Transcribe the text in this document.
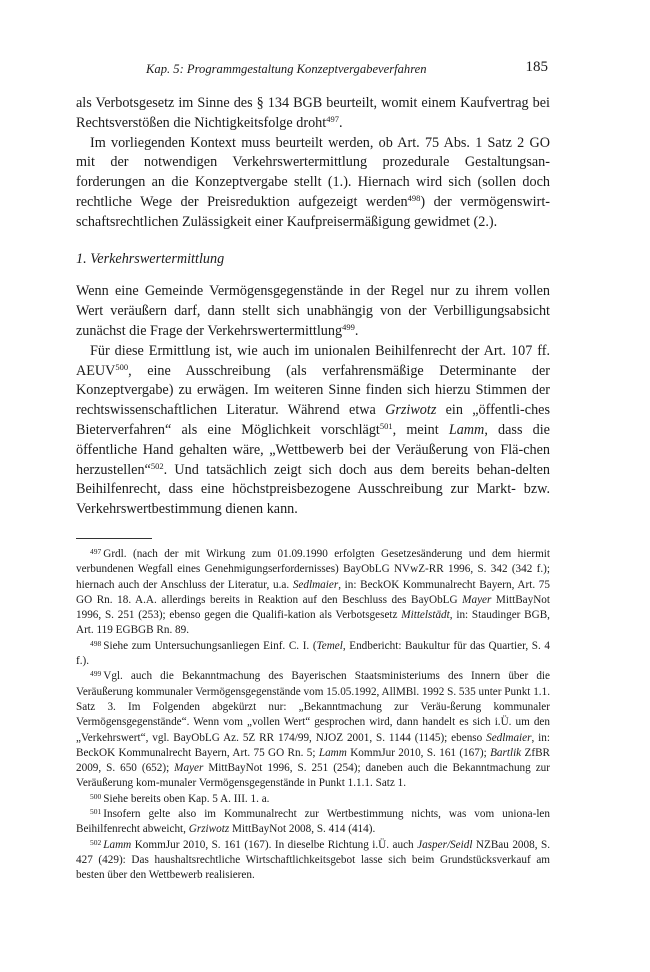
Kap. 5: Programmgestaltung Konzeptvergabeverfahren	185

als Verbotsgesetz im Sinne des § 134 BGB beurteilt, womit einem Kaufvertrag bei Rechtsverstößen die Nichtigkeitsfolge droht$^{497}$.

Im vorliegenden Kontext muss beurteilt werden, ob Art. 75 Abs. 1 Satz 2 GO mit der notwendigen Verkehrswertermittlung prozedurale Gestaltungsan-forderungen an die Konzeptvergabe stellt (1.). Hiernach wird sich (sollen doch rechtliche Wege der Preisreduktion aufgezeigt werden$^{498}$) der vermögenswirt-schaftsrechtlichen Zulässigkeit einer Kaufpreisermäßigung gewidmet (2.).

1. Verkehrswertermittlung

Wenn eine Gemeinde Vermögensgegenstände in der Regel nur zu ihrem vollen Wert veräußern darf, dann stellt sich unabhängig von der Verbilligungsabsicht zunächst die Frage der Verkehrswertermittlung$^{499}$.

Für diese Ermittlung ist, wie auch im unionalen Beihilfenrecht der Art. 107 ff. AEUV$^{500}$, eine Ausschreibung (als verfahrensmäßige Determinante der Konzeptvergabe) zu erwägen. Im weiteren Sinne finden sich hierzu Stimmen der rechtswissenschaftlichen Literatur. Während etwa Grziwotz ein „öffentli-ches Bieterverfahren“ als eine Möglichkeit vorschlägt$^{501}$, meint Lamm, dass die öffentliche Hand gehalten wäre, „Wettbewerb bei der Veräußerung von Flä-chen herzustellen“$^{502}$. Und tatsächlich zeigt sich doch aus dem bereits behan-delten Beihilfenrecht, dass eine höchstpreisbezogene Ausschreibung zur Markt- bzw. Verkehrswertbestimmung dienen kann.

$^{497}$ Grdl. (nach der mit Wirkung zum 01.09.1990 erfolgten Gesetzesänderung und dem hiermit verbundenen Wegfall eines Genehmigungserfordernisses) BayObLG NVwZ-RR 1996, S. 342 (342 f.); hiernach auch der Anschluss der Literatur, u.a. Sedlmaier, in: BeckOK Kommunalrecht Bayern, Art. 75 GO Rn. 18. A.A. allerdings bereits in Reaktion auf den Beschluss des BayObLG Mayer MittBayNot 1996, S. 251 (253); ebenso gegen die Qualifi-kation als Verbotsgesetz Mittelstädt, in: Staudinger BGB, Art. 119 EGBGB Rn. 89.

$^{498}$ Siehe zum Untersuchungsanliegen Einf. C. I. (Temel, Endbericht: Baukultur für das Quartier, S. 4 f.).

$^{499}$ Vgl. auch die Bekanntmachung des Bayerischen Staatsministeriums des Innern über die Veräußerung kommunaler Vermögensgegenstände vom 15.05.1992, AllMBl. 1992 S. 535 unter Punkt 1.1. Satz 3. Im Folgenden abgekürzt nur: „Bekanntmachung zur Veräu-ßerung kommunaler Vermögensgegenstände“. Wenn vom „vollen Wert“ gesprochen wird, dann handelt es sich i.Ü. um den „Verkehrswert“, vgl. BayObLG Az. 5Z RR 174/99, NJOZ 2001, S. 1144 (1145); ebenso Sedlmaier, in: BeckOK Kommunalrecht Bayern, Art. 75 GO Rn. 5; Lamm KommJur 2010, S. 161 (167); Bartlik ZfBR 2009, S. 650 (652); Mayer MittBayNot 1996, S. 251 (254); daneben auch die Bekanntmachung zur Veräußerung kom-munaler Vermögensgegenstände in Punkt 1.1.1. Satz 1.

$^{500}$ Siehe bereits oben Kap. 5 A. III. 1. a.

$^{501}$ Insofern gelte also im Kommunalrecht zur Wertbestimmung nichts, was vom uniona-len Beihilfenrecht abweicht, Grziwotz MittBayNot 2008, S. 414 (414).

$^{502}$ Lamm KommJur 2010, S. 161 (167). In dieselbe Richtung i.Ü. auch Jasper/Seidl NZBau 2008, S. 427 (429): Das haushaltsrechtliche Wirtschaftlichkeitsgebot lasse sich beim Grundstücksverkauf am besten über den Wettbewerb realisieren.
